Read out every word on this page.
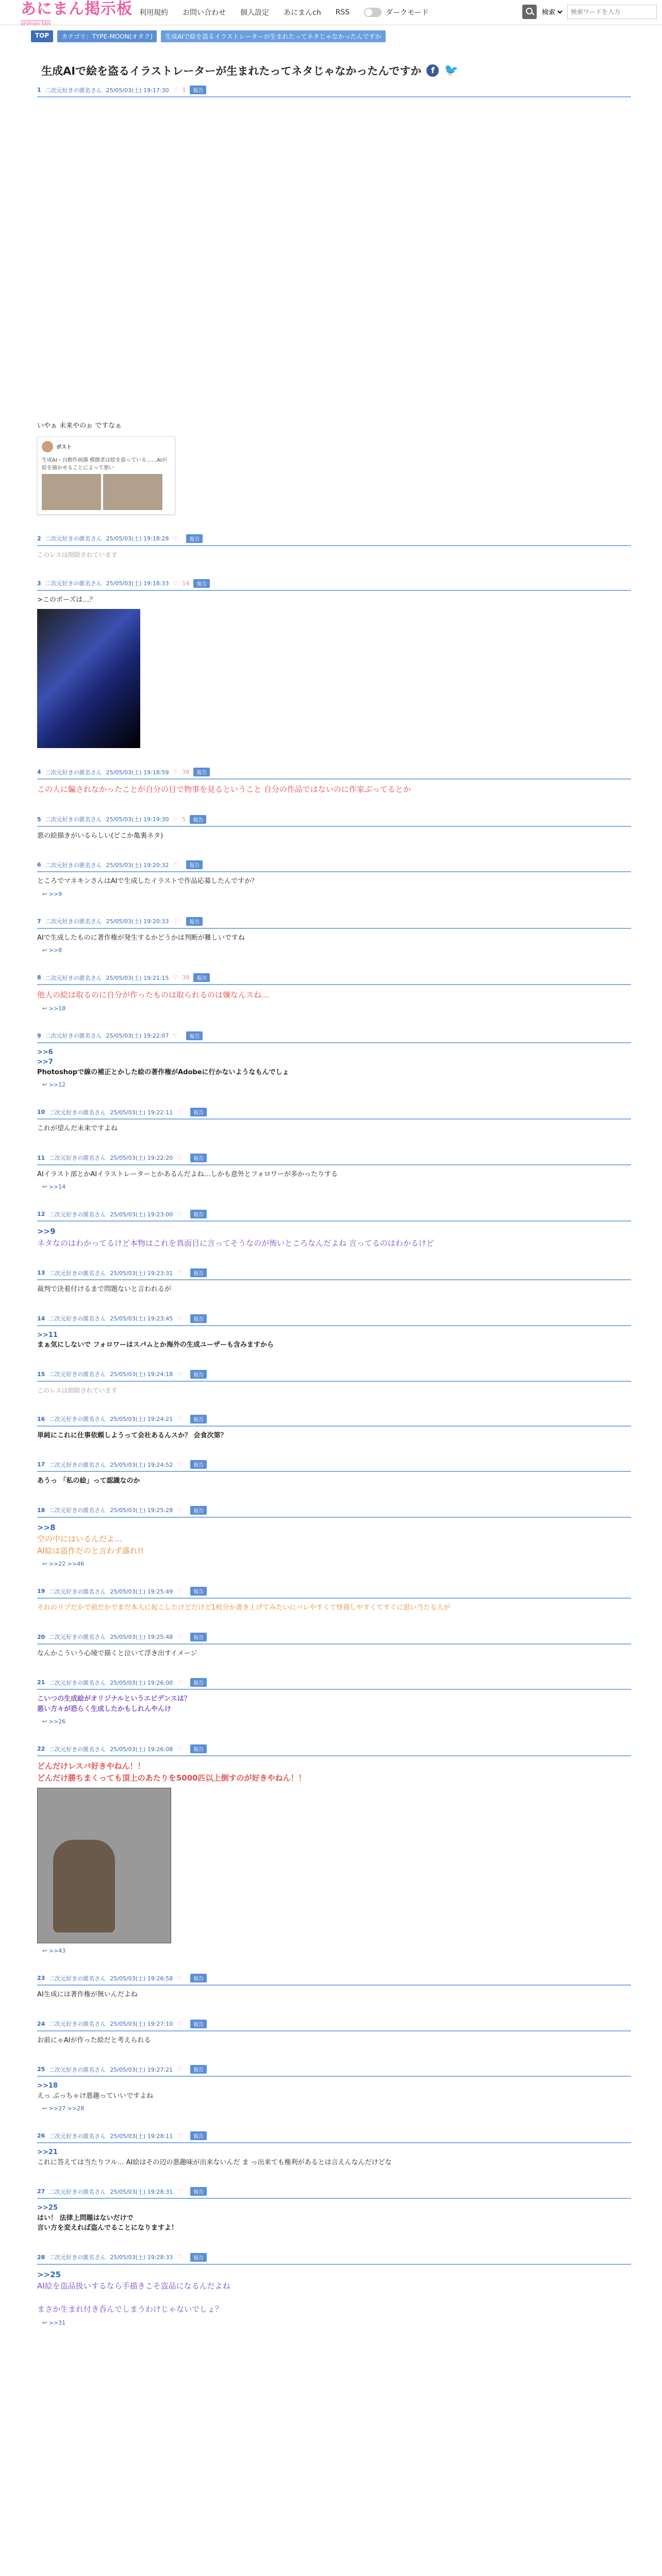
あにまん掲示板
animan bbs
利用規約 お問い合わせ 個人設定 あにまんch RSS	ダークモード
検索
検索ワードを入力
TOP	カテゴリ：TYPE-MOON(オタク)	生成AIで絵を盗るイラストレーターが生まれたってネタじゃなかったんですか
生成AIで絵を盗るイラストレーターが生まれたってネタじゃなかったんですか	f 🐦
1 二次元好きの匿名さん 25/05/03(土) 19:17:30 ♡ 1	報告
いやぁ 未来やのぉ ですなぁ
ポスト
生成AI・自動作画器 模倣者は絵を盗っている……AIが絵を描かせることによって悪い
2 二次元好きの匿名さん 25/05/03(土) 19:18:28 ♡	報告
このレスは削除されています
3 二次元好きの匿名さん 25/05/03(土) 19:18:33 ♡ 14	報告
>このポーズは…？
4 二次元好きの匿名さん 25/05/03(土) 19:18:59 ♡ 38	報告
この人に騙されなかったことが自分の目で物事を見るということ 自分の作品ではないのに作家ぶってるとか
5 二次元好きの匿名さん 25/05/03(土) 19:19:30 ♡ 5	報告
悪の絵描きがいるらしい(どこか亀裏ネタ)
6 二次元好きの匿名さん 25/05/03(土) 19:20:32 ♡	報告
ところでマネキンさんはAIで生成したイラストで作品応募したんですか？
↩ >>9
7 二次元好きの匿名さん 25/05/03(土) 19:20:33 ♡	報告
AIで生成したものに著作権が発生するかどうかは判断が難しいですね
↩ >>8
8 二次元好きの匿名さん 25/05/03(土) 19:21:15 ♡ 39	報告
他人の絵は取るのに自分が作ったものは取られるのは嫌なんスね…
↩ >>18
9 二次元好きの匿名さん 25/05/03(土) 19:22:07 ♡	報告
>>6
>>7
Photoshopで線の補正とかした絵の著作権がAdobeに行かないようなもんでしょ
↩ >>12
10 二次元好きの匿名さん 25/05/03(土) 19:22:11 ♡	報告
これが望んだ未来ですよね
11 二次元好きの匿名さん 25/05/03(土) 19:22:20 ♡	報告
AIイラスト部とかAIイラストレーターとかあるんだよね…しかも意外とフォロワーが多かったりする
↩ >>14
12 二次元好きの匿名さん 25/05/03(土) 19:23:00 ♡	報告
>>9
ネタなのはわかってるけど本物はこれを真面目に言ってそうなのが怖いところなんだよね 言ってるのはわかるけど
13 二次元好きの匿名さん 25/05/03(土) 19:23:31 ♡	報告
裁判で決着付けるまで問題ないと言われるが
14 二次元好きの匿名さん 25/05/03(土) 19:23:45 ♡	報告
>>11
まぁ気にしないで フォロワーはスパムとか海外の生成ユーザーも含みますから
15 二次元好きの匿名さん 25/05/03(土) 19:24:18 ♡	報告
このレスは削除されています
16 二次元好きの匿名さん 25/05/03(土) 19:24:21 ♡	報告
単純にこれに仕事依頼しようって会社あるんスか？ 会食次第？
17 二次元好きの匿名さん 25/05/03(土) 19:24:52 ♡	報告
あうっ 「私の絵」って認識なのか
18 二次元好きの匿名さん 25/05/03(土) 19:25:28 ♡	報告
>>8
空の中にはいるんだよ…
AI絵は盗作だのと言わず盛れ!!
↩ >>22 >>46
19 二次元好きの匿名さん 25/05/03(土) 19:25:49 ♡	報告
それのリプだかで前だかでまだ本人に起こしたけどだけど1枚分か書き上げてみたいにバレやすくて怪我しやすくてすぐに思い当たる人が
20 二次元好きの匿名さん 25/05/03(土) 19:25:48 ♡	報告
なんかこういう心境で描くと泣いて浮き出すイメージ
21 二次元好きの匿名さん 25/05/03(土) 19:26:00 ♡	報告
こいつの生成絵がオリジナルというエビデンスは？
悪い方々が恐らく生成したかもしれんやんけ
↩ >>26
22 二次元好きの匿名さん 25/05/03(土) 19:26:08 ♡	報告
どんだけレスバ好きやねん！！
どんだけ勝ちまくっても頂上のあたりを5000匹以上倒すのが好きやねん！！
↩ >>43
23 二次元好きの匿名さん 25/05/03(土) 19:26:58 ♡	報告
AI生成には著作権が無いんだよね
24 二次元好きの匿名さん 25/05/03(土) 19:27:10 ♡	報告
お前にゃAIが作った絵だと考えられる
25 二次元好きの匿名さん 25/05/03(土) 19:27:21 ♡	報告
>>18
えっ ぶっちゃけ悪趣っていいですよね
↩ >>27 >>28
26 二次元好きの匿名さん 25/05/03(土) 19:28:11 ♡	報告
>>21
これに答えては当たりフル… AI絵はその辺の悪趣味が出来ないんだ ま っ出来ても権利があるとは言えんなんだけどな
27 二次元好きの匿名さん 25/05/03(土) 19:28:31 ♡	報告
>>25
はい！ 法律上問題はないだけで
言い方を変えれば盗んでることになりますよ！
28 二次元好きの匿名さん 25/05/03(土) 19:28:33 ♡	報告
>>25
AI絵を盗品扱いするなら手描きこそ盗品になるんだよね

まさか生まれ付き呑んでしまうわけじゃないでしょ？
↩ >>31
